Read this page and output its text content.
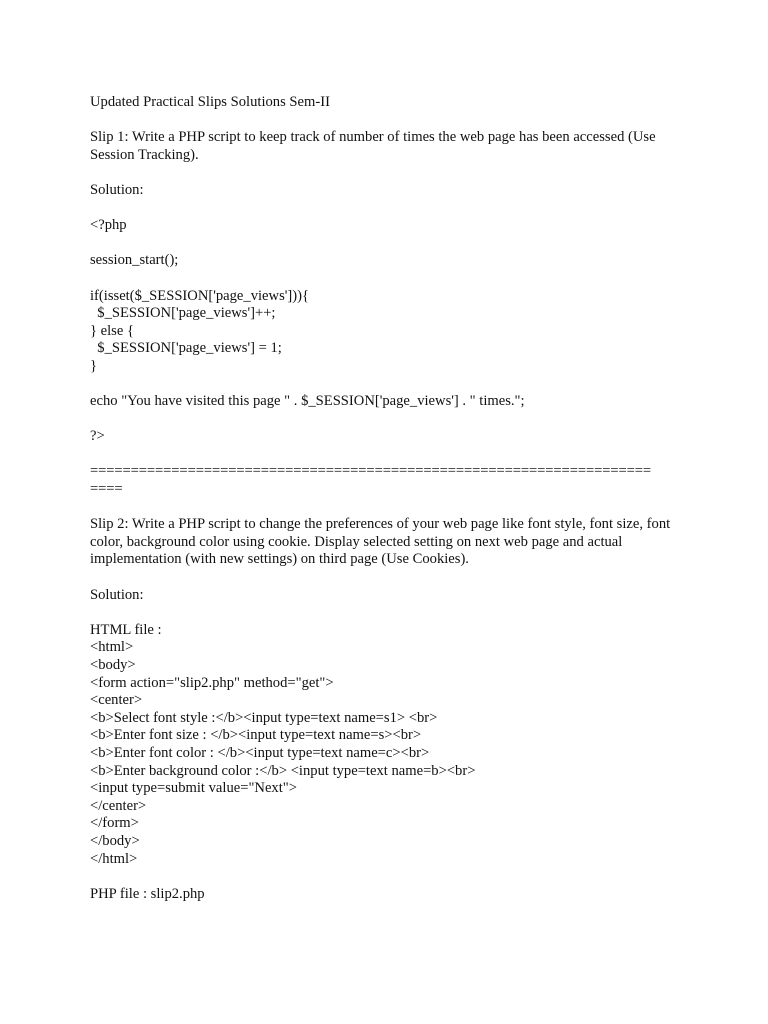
Updated Practical Slips Solutions Sem-II
Slip 1: Write a PHP script to keep track of number of times the web page has been accessed (Use Session Tracking).
Solution:
<?php
session_start();
if(isset($_SESSION['page_views'])){
$_SESSION['page_views']++;
} else {
$_SESSION['page_views'] = 1;
}
echo "You have visited this page " . $_SESSION['page_views'] . " times.";
?>
=====================================================================
====
Slip 2: Write a PHP script to change the preferences of your web page like font style, font size, font color, background color using cookie. Display selected setting on next web page and actual implementation (with new settings) on third page (Use Cookies).
Solution:
HTML file :
<html>
<body>
<form action="slip2.php" method="get">
<center>
<b>Select font style :</b><input type=text name=s1> <br>
<b>Enter font size : </b><input type=text name=s><br>
<b>Enter font color : </b><input type=text name=c><br>
<b>Enter background color :</b> <input type=text name=b><br>
<input type=submit value="Next">
</center>
</form>
</body>
</html>
PHP file : slip2.php
